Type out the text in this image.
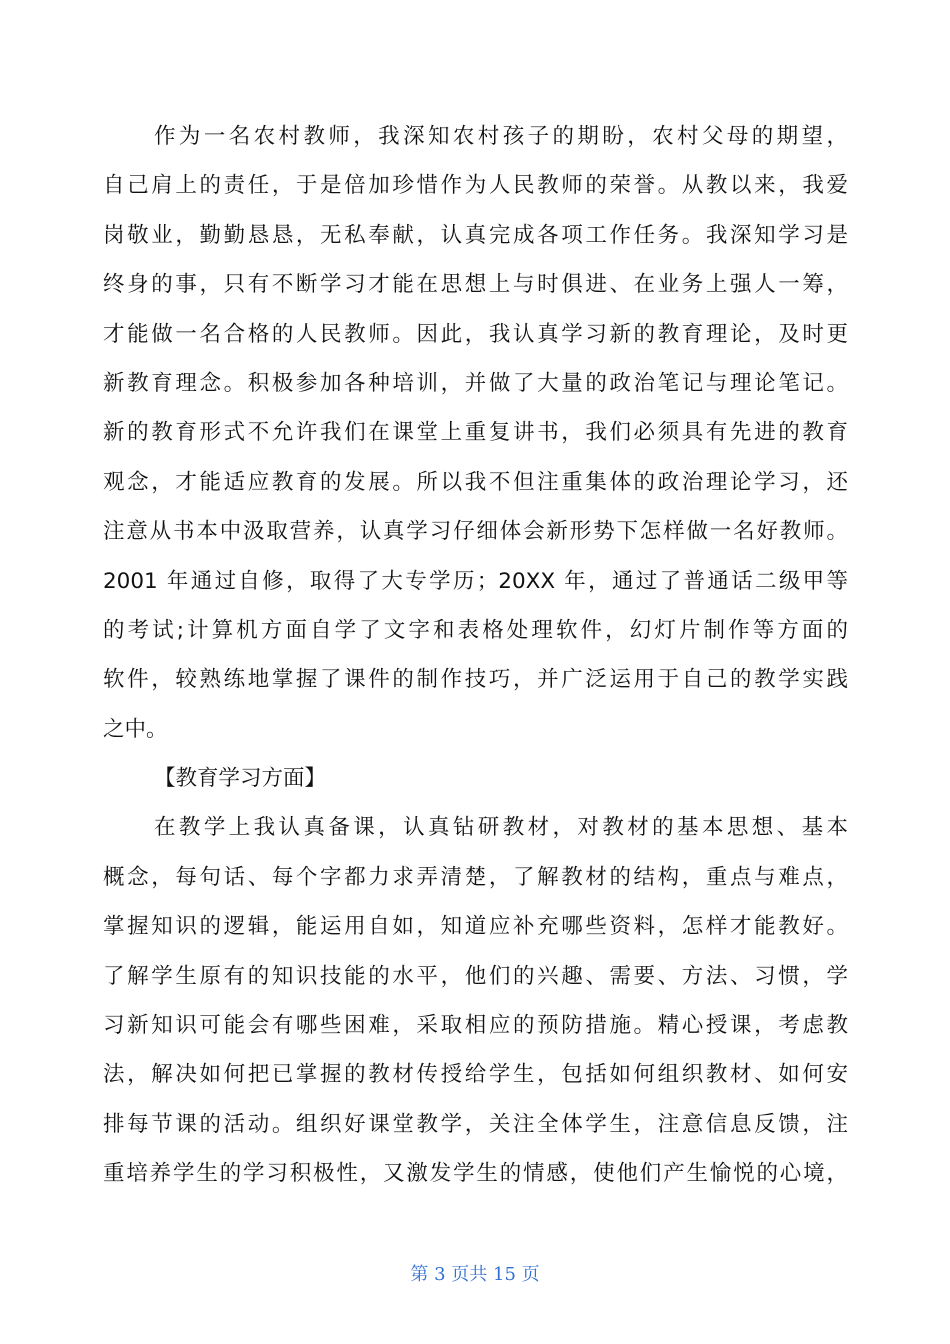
作为一名农村教师，我深知农村孩子的期盼，农村父母的期望，
自己肩上的责任，于是倍加珍惜作为人民教师的荣誉。从教以来，我爱
岗敬业，勤勤恳恳，无私奉献，认真完成各项工作任务。我深知学习是
终身的事，只有不断学习才能在思想上与时俱进、在业务上强人一筹，
才能做一名合格的人民教师。因此，我认真学习新的教育理论，及时更
新教育理念。积极参加各种培训，并做了大量的政治笔记与理论笔记。
新的教育形式不允许我们在课堂上重复讲书，我们必须具有先进的教育
观念，才能适应教育的发展。所以我不但注重集体的政治理论学习，还
注意从书本中汲取营养，认真学习仔细体会新形势下怎样做一名好教师。
2001 年通过自修，取得了大专学历；20XX 年，通过了普通话二级甲等
的考试;计算机方面自学了文字和表格处理软件，幻灯片制作等方面的
软件，较熟练地掌握了课件的制作技巧，并广泛运用于自己的教学实践
之中。
【教育学习方面】
在教学上我认真备课，认真钻研教材，对教材的基本思想、基本
概念，每句话、每个字都力求弄清楚，了解教材的结构，重点与难点，
掌握知识的逻辑，能运用自如，知道应补充哪些资料，怎样才能教好。
了解学生原有的知识技能的水平，他们的兴趣、需要、方法、习惯，学
习新知识可能会有哪些困难，采取相应的预防措施。精心授课，考虑教
法，解决如何把已掌握的教材传授给学生，包括如何组织教材、如何安
排每节课的活动。组织好课堂教学，关注全体学生，注意信息反馈，注
重培养学生的学习积极性，又激发学生的情感，使他们产生愉悦的心境，
第 3 页共 15 页
